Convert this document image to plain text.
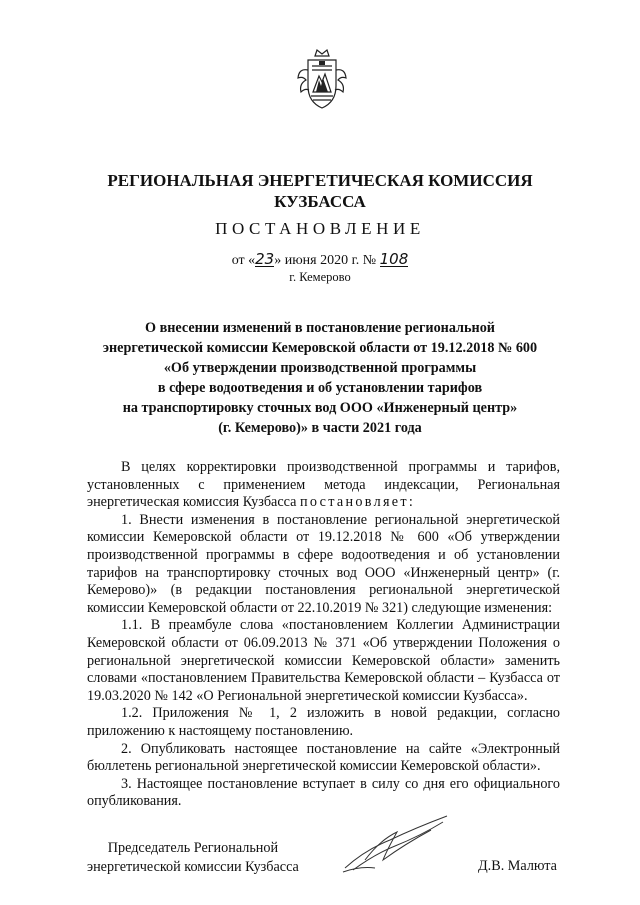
РЕГИОНАЛЬНАЯ ЭНЕРГЕТИЧЕСКАЯ КОМИССИЯ
КУЗБАССА
ПОСТАНОВЛЕНИЕ
от «23» июня 2020 г. № 108
г. Кемерово
О внесении изменений в постановление региональной
энергетической комиссии Кемеровской области от 19.12.2018 № 600
«Об утверждении производственной программы
в сфере водоотведения и об установлении тарифов
на транспортировку сточных вод ООО «Инженерный центр»
(г. Кемерово)» в части 2021 года

В целях корректировки производственной программы и тарифов, установленных с применением метода индексации, Региональная энергетическая комиссия Кузбасса постановляет:

1. Внести изменения в постановление региональной энергетической комиссии Кемеровской области от 19.12.2018 № 600 «Об утверждении производственной программы в сфере водоотведения и об установлении тарифов на транспортировку сточных вод ООО «Инженерный центр» (г. Кемерово)» (в редакции постановления региональной энергетической комиссии Кемеровской области от 22.10.2019 № 321) следующие изменения:

1.1. В преамбуле слова «постановлением Коллегии Администрации Кемеровской области от 06.09.2013 № 371 «Об утверждении Положения о региональной энергетической комиссии Кемеровской области» заменить словами «постановлением Правительства Кемеровской области – Кузбасса от 19.03.2020 № 142 «О Региональной энергетической комиссии Кузбасса».

1.2. Приложения № 1, 2 изложить в новой редакции, согласно приложению к настоящему постановлению.

2. Опубликовать настоящее постановление на сайте «Электронный бюллетень региональной энергетической комиссии Кемеровской области».

3. Настоящее постановление вступает в силу со дня его официального опубликования.

Председатель Региональной
энергетической комиссии Кузбасса	Д.В. Малюта
